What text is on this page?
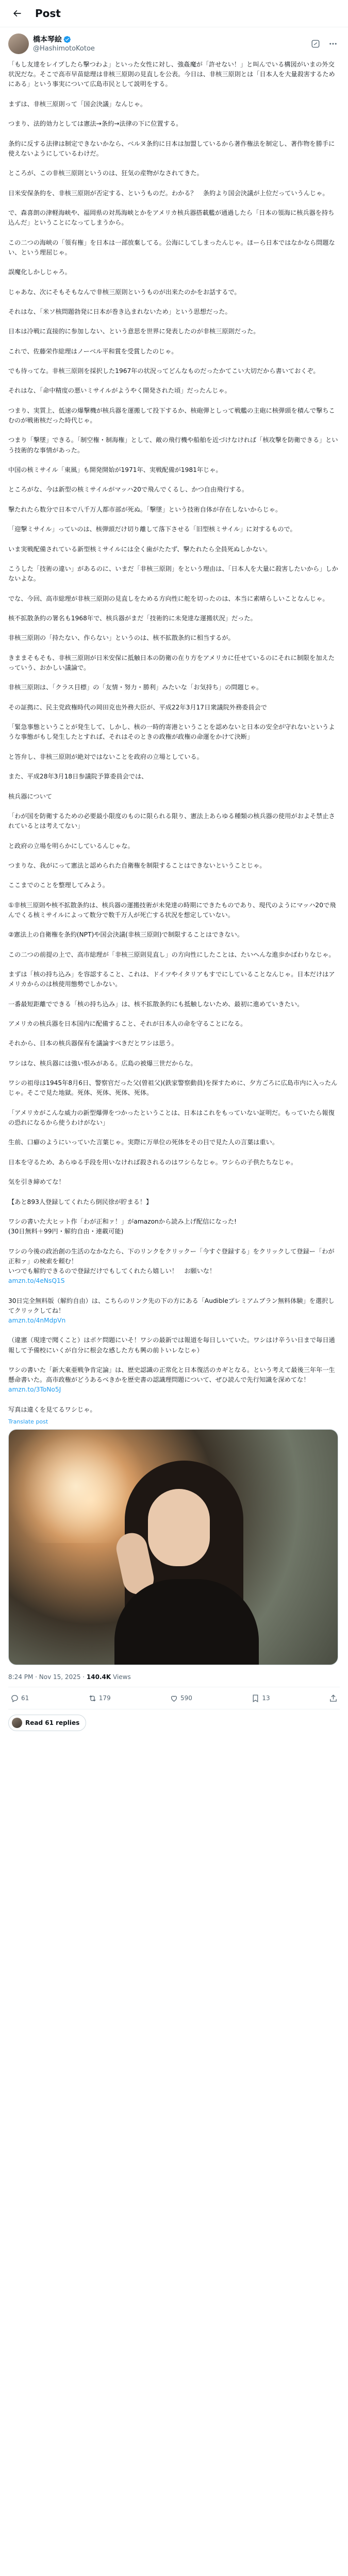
Post
橋本琴絵
@HashimotoKotoe

「もし友達をレイプしたら撃つわよ」といった女性に対し、強姦魔が「許せない！」と叫んでいる構図がいまの外交状況だな。そこで高市早苗総理は非核三原則の見直しを公表。今日は、非核三原則とは「日本人を大量殺害するためにある」という事実について広島市民として説明をする。

まずは、非核三原則って「国会決議」なんじゃ。

つまり、法的効力としては憲法→条約→法律の下に位置する。

条約に反する法律は制定できないかなら、ベルヌ条約に日本は加盟しているから著作権法を制定し、著作物を勝手に使えないようにしているわけだ。

ところが、この非核三原則というのは、狂気の産物がなされてきた。

日米安保条約を、非核三原則が否定する、というものだ。わかる？　条約より国会決議が上位だっていうんじゃ。

で、森喜朗の津軽海峡や、福岡県の対馬海峡とかをアメリカ核兵器搭載艦が通過したら「日本の領海に核兵器を持ち込んだ」ということになってしまうから。

この二つの海峡の「領有権」を日本は一部放棄してる。公海にしてしまったんじゃ。ほーら日本ではなかなら問題ない、という理屈じゃ。

誤魔化しかしじゃろ。

じゃあな、次にそもそもなんで非核三原則というものが出来たのかをお話するで。

それはな、「米ソ核問題勃発に日本が巻き込まれないため」という思想だった。

日本は冷戦に直接的に参加しない、という意思を世界に発表したのが非核三原則だった。

これで、佐藤栄作総理はノーベル平和賞を受賞したのじゃ。

でも待ってな。非核三原則を採択した1967年の状況ってどんなものだったかてこい大切だから書いておくぞ。

それはな、「命中精度の悪いミサイルがようやく開発された頃」だったんじゃ。

つまり、実質上、低速の爆撃機が核兵器を運搬して投下するか、核砲弾としって戦艦の主砲に核弾頭を積んで撃ちこむのが戦術核だった時代じゃ。

つまり「撃墜」できる。「制空権・制海権」として、敵の飛行機や船舶を近づけなければ「核攻撃を防衛できる」という技術的な事情があった。

中国の核ミサイル「東風」も開発開始が1971年、実戦配備が1981年じゃ。

ところがな、今は新型の核ミサイルがマッハ20で飛んでくるし、かつ自由飛行する。

撃たれたら数分で日本で八千万人都市部が死ぬ。「撃墜」という技術自体が存在しないからじゃ。

「迎撃ミサイル」っていのは、核弾頭だけ切り離して落下させる「旧型核ミサイル」に対するもので。

いま実戦配備されている新型核ミサイルには全く歯がたたず、撃たれたら全員死ぬしかない。

こうした「技術の違い」があるのに、いまだ「非核三原則」をという理由は、「日本人を大量に殺害したいから」しかないよな。

でな、今回、高市総理が非核三原則の見直しをためる方向性に舵を切ったのは、本当に素晴らしいことなんじゃ。

核不拡散条約の署名も1968年で、核兵器がまだ「技術的に未発達な運搬状況」だった。

非核三原則の「持たない、作らない」というのは、核不拡散条約に相当するが。

きままそもそも、非核三原則が日米安保に抵触日本の防衛の在り方をアメリカに任せているのにそれに制限を加えたっていう、おかしい議論で。

非核三原則は、「クラス目標」の「友情・努力・勝利」みたいな「お気持ち」の問題じゃ。

その証拠に、民主党政権時代の岡田克也外務大臣が、平成22年3月17日衆議院外務委員会で

「緊急事態ということが発生して、しかし、核の一時的寄港ということを認めないと日本の安全が守れないというような事態がもし発生したとすれば、それはそのときの政権が政権の命運をかけて決断」

と答弁し、非核三原則が絶対ではないことを政府の立場としている。

また、平成28年3月18日参議院予算委員会では、

核兵器について

「わが国を防衛するための必要最小限度のものに限られる限り、憲法上あらゆる種類の核兵器の使用がおよそ禁止されているとは考えてない」

と政府の立場を明らかにしているんじゃな。

つまりな、我がにって憲法と認められた自衛権を制限することはできないということじゃ。

ここまでのことを整理してみよう。

①非核三原則や核不拡散条約は、核兵器の運搬技術が未発達の時期にできたものであり、現代のようにマッハ20で飛んでくる核ミサイルによって数分で数千万人が死亡する状況を想定していない。

②憲法上の自衛権を条約(NPT)や国会決議(非核三原則)で制限することはできない。

この二つの前提の上で、高市総理が「非核三原則見直し」の方向性にしたことは、たいへんな進歩かばわりなじゃ。

まずは「核の持ち込み」を容認すること、これは、ドイツやイタリアもすでにしていることなんじゃ。日本だけはアメリカからのは核使用態勢でしかない。

一番最短距離でできる「核の持ち込み」は、核不拡散条約にも抵触しないため、最初に進めていきたい。

アメリカの核兵器を日本国内に配備すること、それが日本人の命を守ることになる。

それから、日本の核兵器保有を議論すべきだとワシは思う。

ワシはな、核兵器には強い恨みがある。広島の被爆三世だからな。

ワシの祖母は1945年8月6日、警察官だった父(曾祖父)(鉄家警察動員)を探すために、夕方ごろに広島市内に入ったんじゃ。そこで見た地獄。死体、死体、死体、死体。

「アメリカがこんな威力の新型爆弾をつかったということは、日本はこれをもっていない証明だ。もっていたら報復の恐れになるから使うわけがない」

生前、口癖のようにいっていた言葉じゃ。実際に万単位の死体をその目で見た人の言葉は重い。

日本を守るため、あらゆる手段を用いなければ殺されるのはワシらなじゃ。ワシらの子供たちなじゃ。

気を引き締めてな！

【あと893人登録してくれたら倒民徐が貯まる！】

ワシの書いた大ヒット作「わが正和ァ！」がamazonから読み上げ配信になった!
(30日無料＋99円・解約自由・連載可能)

ワシの今後の政治創の生活のなかなたら、下のリンクをクリックー「今すぐ登録する」をクリックして登録ー「わが正和ァ」の検索を頼む！
いつでも解約できるので登録だけでもしてくれたら嬉しい！　お願いな！
amzn.to/4eNsQ1S

30日完全無料版（解約自由）は、こちらのリンク先の下の方にある「Audibleプレミアムプラン無料体験」を選択してクリックしてね！
amzn.to/4nMdpVn

（違憲（現達で聞くこと）はポケ問題にいそ！ワシの最新では報道を毎日しいていた。ワシはけ辛うい日まで毎日通報して予備校にいくが自分に根会な感した方も興の前トいレなじゃ）

ワシの書いた「新大東亜戦争肯定論」は、歴史認識の正常化と日本復活のカギとなる。という考えて最後三年年一生懸命書いた。高市政権がどうあるべきかを歴史書の認識理問題について、ぜひ読んで先行知識を深めてな！
amzn.to/3ToNo5J

写真は違くを見てるワシじゃ。

Translate post
8:24 PM · Nov 15, 2025 · 140.4K Views
61	179	590	13
Read 61 replies
